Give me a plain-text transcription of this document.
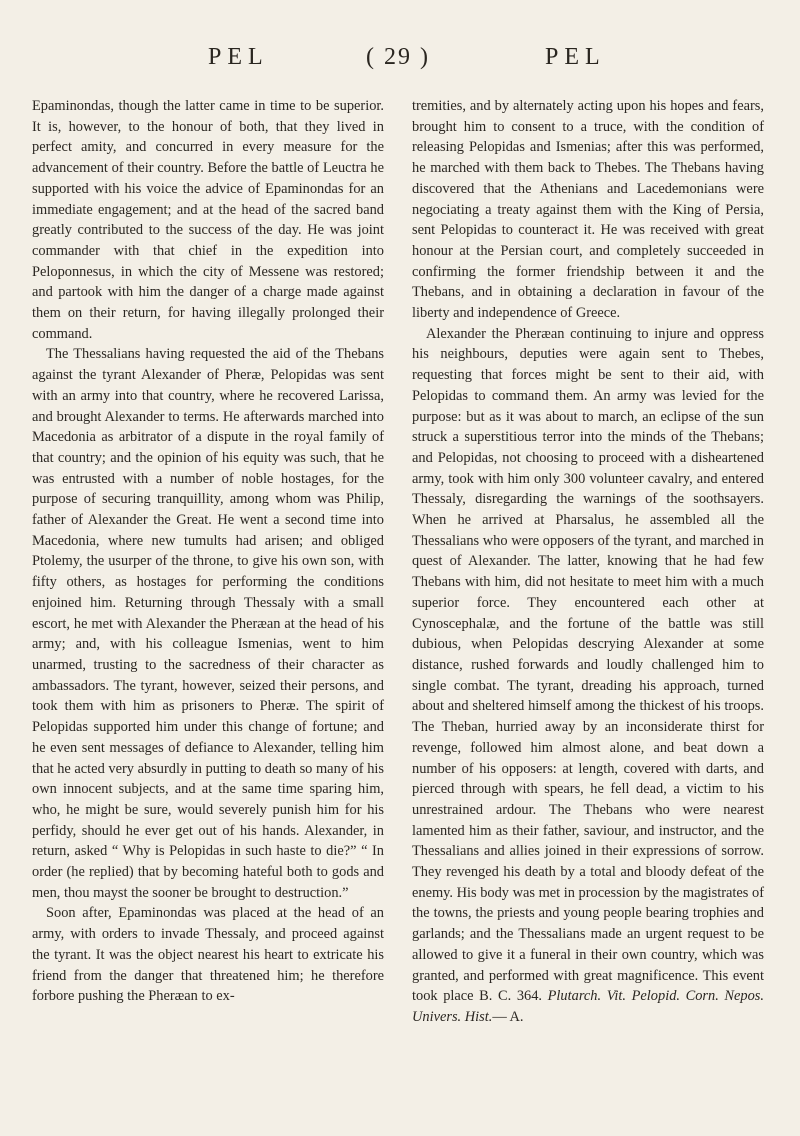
PEL	( 29 )	PEL

Epaminondas, though the latter came in time to be superior. It is, however, to the honour of both, that they lived in perfect amity, and concurred in every measure for the advancement of their country. Before the battle of Leuctra he supported with his voice the advice of Epaminondas for an immediate engagement; and at the head of the sacred band greatly contributed to the success of the day. He was joint commander with that chief in the expedition into Peloponnesus, in which the city of Messene was restored; and partook with him the danger of a charge made against them on their return, for having illegally prolonged their command.

The Thessalians having requested the aid of the Thebans against the tyrant Alexander of Pheræ, Pelopidas was sent with an army into that country, where he recovered Larissa, and brought Alexander to terms. He afterwards marched into Macedonia as arbitrator of a dispute in the royal family of that country; and the opinion of his equity was such, that he was entrusted with a number of noble hostages, for the purpose of securing tranquillity, among whom was Philip, father of Alexander the Great. He went a second time into Macedonia, where new tumults had arisen; and obliged Ptolemy, the usurper of the throne, to give his own son, with fifty others, as hostages for performing the conditions enjoined him. Returning through Thessaly with a small escort, he met with Alexander the Pheræan at the head of his army; and, with his colleague Ismenias, went to him unarmed, trusting to the sacredness of their character as ambassadors. The tyrant, however, seized their persons, and took them with him as prisoners to Pheræ. The spirit of Pelopidas supported him under this change of fortune; and he even sent messages of defiance to Alexander, telling him that he acted very absurdly in putting to death so many of his own innocent subjects, and at the same time sparing him, who, he might be sure, would severely punish him for his perfidy, should he ever get out of his hands. Alexander, in return, asked “ Why is Pelopidas in such haste to die?” “ In order (he replied) that by becoming hateful both to gods and men, thou mayst the sooner be brought to destruction.”

Soon after, Epaminondas was placed at the head of an army, with orders to invade Thessaly, and proceed against the tyrant. It was the object nearest his heart to extricate his friend from the danger that threatened him; he therefore forbore pushing the Pheræan to ex-

tremities, and by alternately acting upon his hopes and fears, brought him to consent to a truce, with the condition of releasing Pelopidas and Ismenias; after this was performed, he marched with them back to Thebes. The Thebans having discovered that the Athenians and Lacedemonians were negociating a treaty against them with the King of Persia, sent Pelopidas to counteract it. He was received with great honour at the Persian court, and completely succeeded in confirming the former friendship between it and the Thebans, and in obtaining a declaration in favour of the liberty and independence of Greece.

Alexander the Pheræan continuing to injure and oppress his neighbours, deputies were again sent to Thebes, requesting that forces might be sent to their aid, with Pelopidas to command them. An army was levied for the purpose: but as it was about to march, an eclipse of the sun struck a superstitious terror into the minds of the Thebans; and Pelopidas, not choosing to proceed with a disheartened army, took with him only 300 volunteer cavalry, and entered Thessaly, disregarding the warnings of the soothsayers. When he arrived at Pharsalus, he assembled all the Thessalians who were opposers of the tyrant, and marched in quest of Alexander. The latter, knowing that he had few Thebans with him, did not hesitate to meet him with a much superior force. They encountered each other at Cynoscephalæ, and the fortune of the battle was still dubious, when Pelopidas descrying Alexander at some distance, rushed forwards and loudly challenged him to single combat. The tyrant, dreading his approach, turned about and sheltered himself among the thickest of his troops. The Theban, hurried away by an inconsiderate thirst for revenge, followed him almost alone, and beat down a number of his opposers: at length, covered with darts, and pierced through with spears, he fell dead, a victim to his unrestrained ardour. The Thebans who were nearest lamented him as their father, saviour, and instructor, and the Thessalians and allies joined in their expressions of sorrow. They revenged his death by a total and bloody defeat of the enemy. His body was met in procession by the magistrates of the towns, the priests and young people bearing trophies and garlands; and the Thessalians made an urgent request to be allowed to give it a funeral in their own country, which was granted, and performed with great magnificence. This event took place B. C. 364. Plutarch. Vit. Pelopid. Corn. Nepos. Univers. Hist.— A.
